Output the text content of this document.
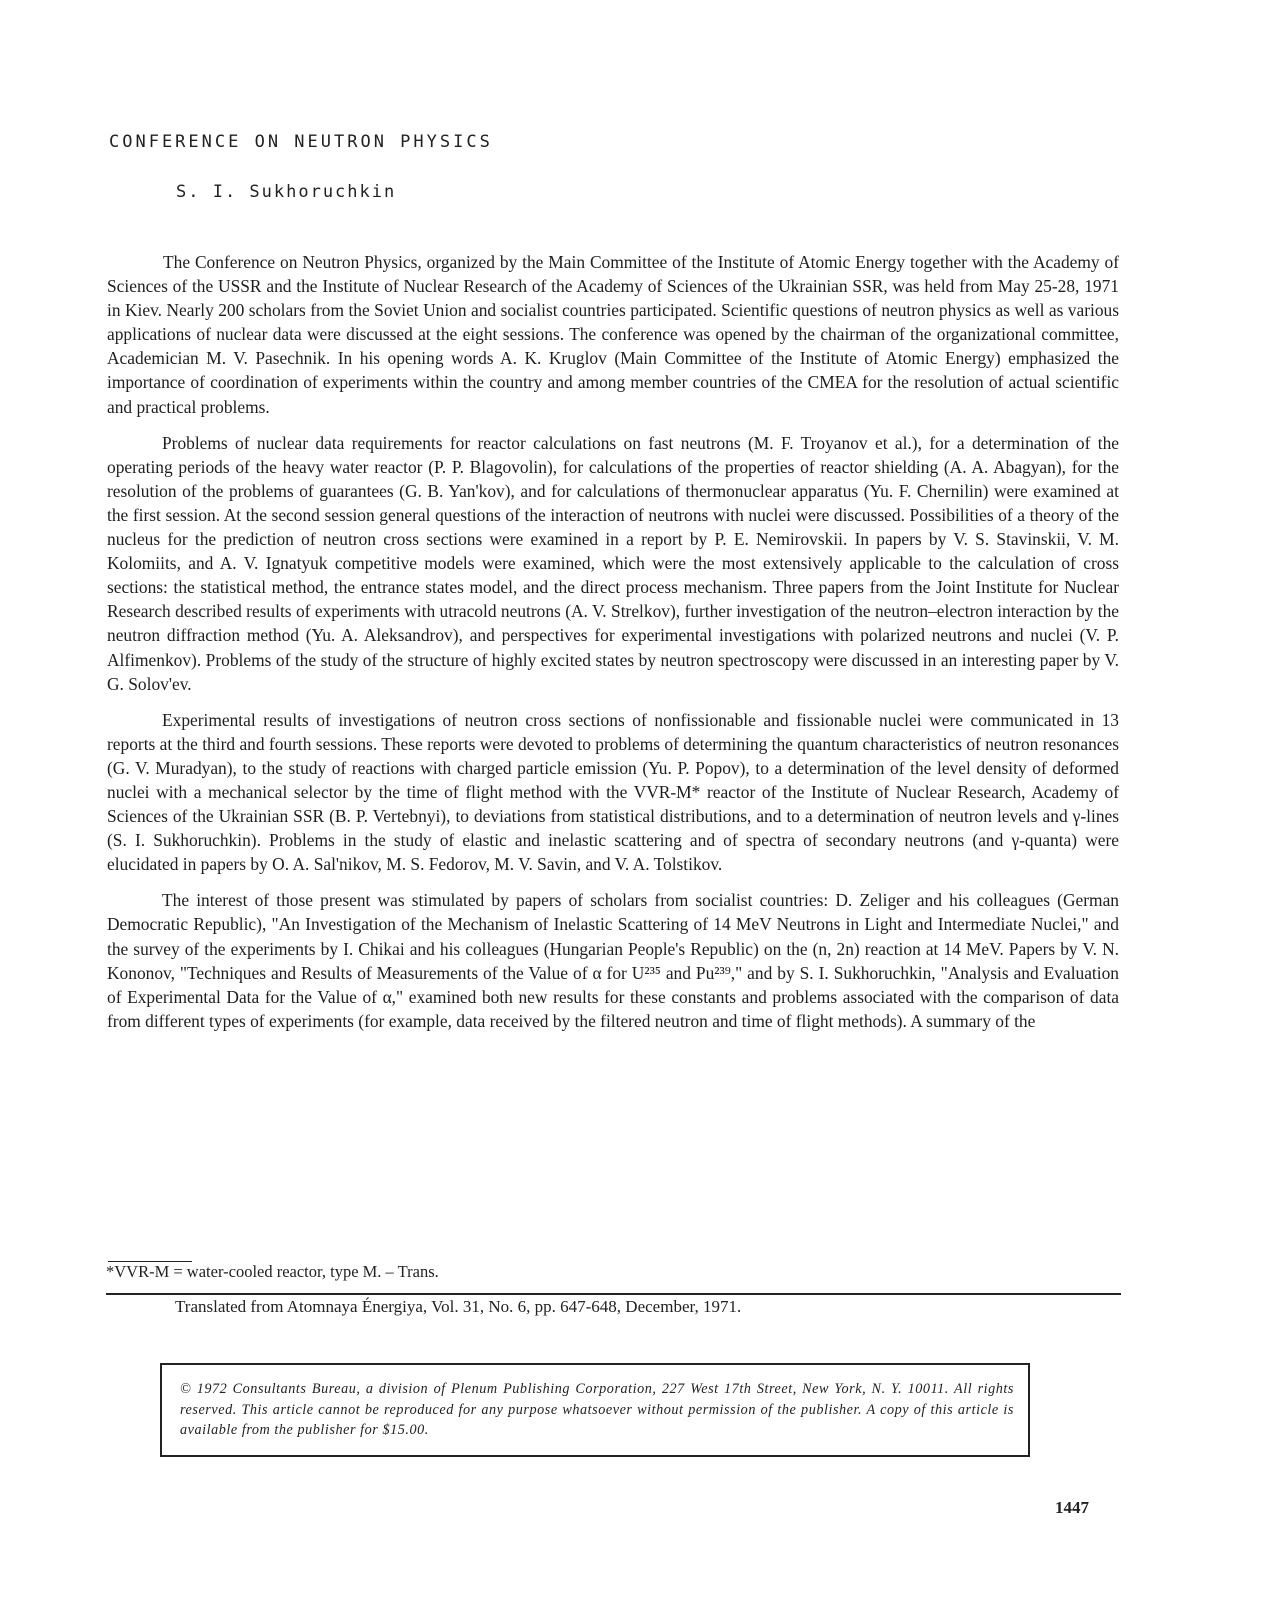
CONFERENCE ON NEUTRON PHYSICS
S. I. Sukhoruchkin

The Conference on Neutron Physics, organized by the Main Committee of the Institute of Atomic Energy together with the Academy of Sciences of the USSR and the Institute of Nuclear Research of the Academy of Sciences of the Ukrainian SSR, was held from May 25-28, 1971 in Kiev. Nearly 200 scholars from the Soviet Union and socialist countries participated. Scientific questions of neutron physics as well as various applications of nuclear data were discussed at the eight sessions. The conference was opened by the chairman of the organizational committee, Academician M. V. Pasechnik. In his opening words A. K. Kruglov (Main Committee of the Institute of Atomic Energy) emphasized the importance of coordination of experiments within the country and among member countries of the CMEA for the resolution of actual scientific and practical problems.

Problems of nuclear data requirements for reactor calculations on fast neutrons (M. F. Troyanov et al.), for a determination of the operating periods of the heavy water reactor (P. P. Blagovolin), for calculations of the properties of reactor shielding (A. A. Abagyan), for the resolution of the problems of guarantees (G. B. Yan'kov), and for calculations of thermonuclear apparatus (Yu. F. Chernilin) were examined at the first session. At the second session general questions of the interaction of neutrons with nuclei were discussed. Possibilities of a theory of the nucleus for the prediction of neutron cross sections were examined in a report by P. E. Nemirovskii. In papers by V. S. Stavinskii, V. M. Kolomiits, and A. V. Ignatyuk competitive models were examined, which were the most extensively applicable to the calculation of cross sections: the statistical method, the entrance states model, and the direct process mechanism. Three papers from the Joint Institute for Nuclear Research described results of experiments with utracold neutrons (A. V. Strelkov), further investigation of the neutron–electron interaction by the neutron diffraction method (Yu. A. Aleksandrov), and perspectives for experimental investigations with polarized neutrons and nuclei (V. P. Alfimenkov). Problems of the study of the structure of highly excited states by neutron spectroscopy were discussed in an interesting paper by V. G. Solov'ev.

Experimental results of investigations of neutron cross sections of nonfissionable and fissionable nuclei were communicated in 13 reports at the third and fourth sessions. These reports were devoted to problems of determining the quantum characteristics of neutron resonances (G. V. Muradyan), to the study of reactions with charged particle emission (Yu. P. Popov), to a determination of the level density of deformed nuclei with a mechanical selector by the time of flight method with the VVR-M* reactor of the Institute of Nuclear Research, Academy of Sciences of the Ukrainian SSR (B. P. Vertebnyi), to deviations from statistical distributions, and to a determination of neutron levels and γ-lines (S. I. Sukhoruchkin). Problems in the study of elastic and inelastic scattering and of spectra of secondary neutrons (and γ-quanta) were elucidated in papers by O. A. Sal'nikov, M. S. Fedorov, M. V. Savin, and V. A. Tolstikov.

The interest of those present was stimulated by papers of scholars from socialist countries: D. Zeliger and his colleagues (German Democratic Republic), "An Investigation of the Mechanism of Inelastic Scattering of 14 MeV Neutrons in Light and Intermediate Nuclei," and the survey of the experiments by I. Chikai and his colleagues (Hungarian People's Republic) on the (n, 2n) reaction at 14 MeV. Papers by V. N. Kononov, "Techniques and Results of Measurements of the Value of α for U²³⁵ and Pu²³⁹," and by S. I. Sukhoruchkin, "Analysis and Evaluation of Experimental Data for the Value of α," examined both new results for these constants and problems associated with the comparison of data from different types of experiments (for example, data received by the filtered neutron and time of flight methods). A summary of the

*VVR-M = water-cooled reactor, type M. – Trans.
Translated from Atomnaya Énergiya, Vol. 31, No. 6, pp. 647-648, December, 1971.
© 1972 Consultants Bureau, a division of Plenum Publishing Corporation, 227 West 17th Street, New York, N. Y. 10011. All rights reserved. This article cannot be reproduced for any purpose whatsoever without permission of the publisher. A copy of this article is available from the publisher for $15.00.
1447
